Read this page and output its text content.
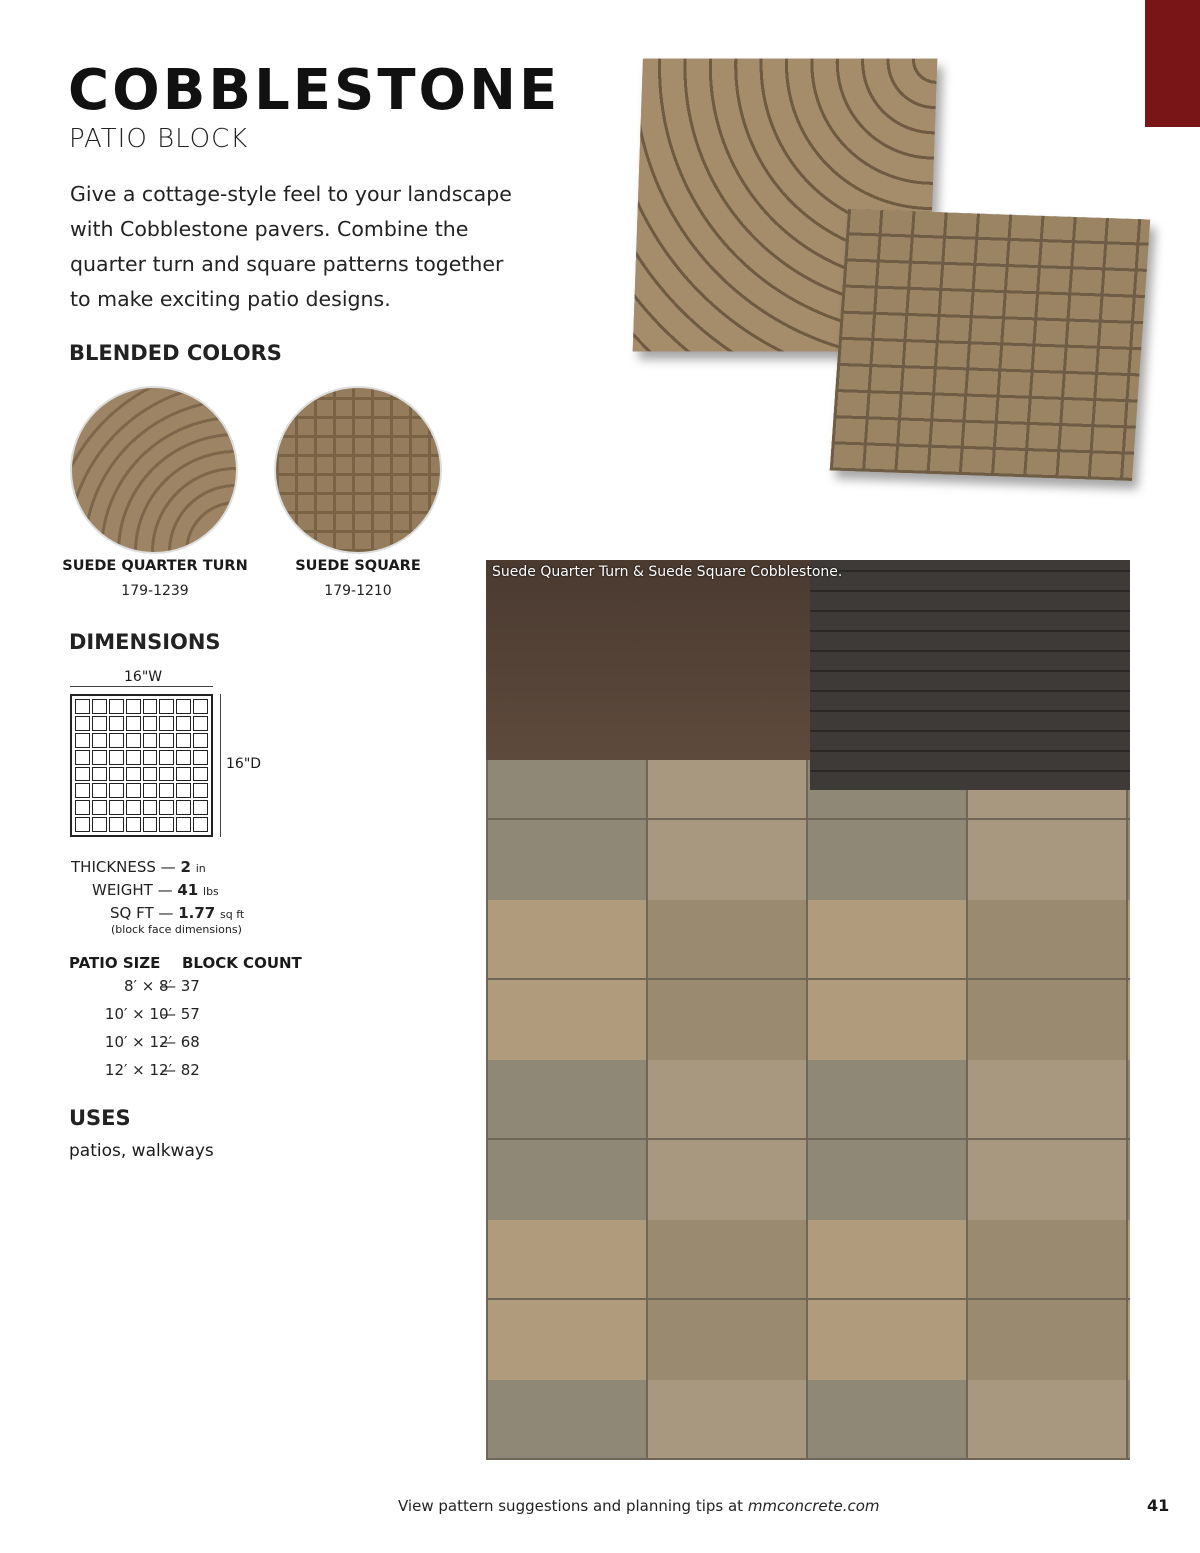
COBBLESTONE
PATIO BLOCK
Give a cottage-style feel to your landscape with Cobblestone pavers. Combine the quarter turn and square patterns together to make exciting patio designs.
BLENDED COLORS
SUEDE QUARTER TURN
179-1239
SUEDE SQUARE
179-1210
Suede Quarter Turn & Suede Square Cobblestone.
DIMENSIONS
16"W
16"D
THICKNESS — 2 in
WEIGHT — 41 lbs
SQ FT — 1.77 sq ft
(block face dimensions)
PATIO SIZE BLOCK COUNT
8′ × 8′
— 37
10′ × 10′
— 57
10′ × 12′
— 68
12′ × 12′
— 82
USES
patios, walkways
View pattern suggestions and planning tips at mmconcrete.com	41
